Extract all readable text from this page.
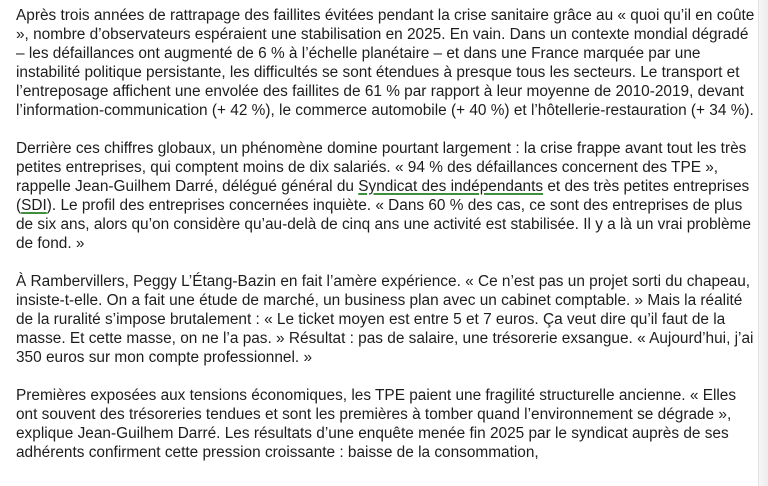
Après trois années de rattrapage des faillites évitées pendant la crise sanitaire grâce au « quoi qu’il en coûte », nombre d’observateurs espéraient une stabilisation en 2025. En vain. Dans un contexte mondial dégradé – les défaillances ont augmenté de 6 % à l’échelle planétaire – et dans une France marquée par une instabilité politique persistante, les difficultés se sont étendues à presque tous les secteurs. Le transport et l’entreposage affichent une envolée des faillites de 61 % par rapport à leur moyenne de 2010-2019, devant l’information-communication (+ 42 %), le commerce automobile (+ 40 %) et l’hôtellerie-restauration (+ 34 %).

Derrière ces chiffres globaux, un phénomène domine pourtant largement : la crise frappe avant tout les très petites entreprises, qui comptent moins de dix salariés. « 94 % des défaillances concernent des TPE », rappelle Jean-Guilhem Darré, délégué général du Syndicat des indépendants et des très petites entreprises (SDI). Le profil des entreprises concernées inquiète. « Dans 60 % des cas, ce sont des entreprises de plus de six ans, alors qu’on considère qu’au-delà de cinq ans une activité est stabilisée. Il y a là un vrai problème de fond. »

À Rambervillers, Peggy L’Étang-Bazin en fait l’amère expérience. « Ce n’est pas un projet sorti du chapeau, insiste-t-elle. On a fait une étude de marché, un business plan avec un cabinet comptable. » Mais la réalité de la ruralité s’impose brutalement : « Le ticket moyen est entre 5 et 7 euros. Ça veut dire qu’il faut de la masse. Et cette masse, on ne l’a pas. » Résultat : pas de salaire, une trésorerie exsangue. « Aujourd’hui, j’ai 350 euros sur mon compte professionnel. »

Premières exposées aux tensions économiques, les TPE paient une fragilité structurelle ancienne. « Elles ont souvent des trésoreries tendues et sont les premières à tomber quand l’environnement se dégrade », explique Jean-Guilhem Darré. Les résultats d’une enquête menée fin 2025 par le syndicat auprès de ses adhérents confirment cette pression croissante : baisse de la consommation,
